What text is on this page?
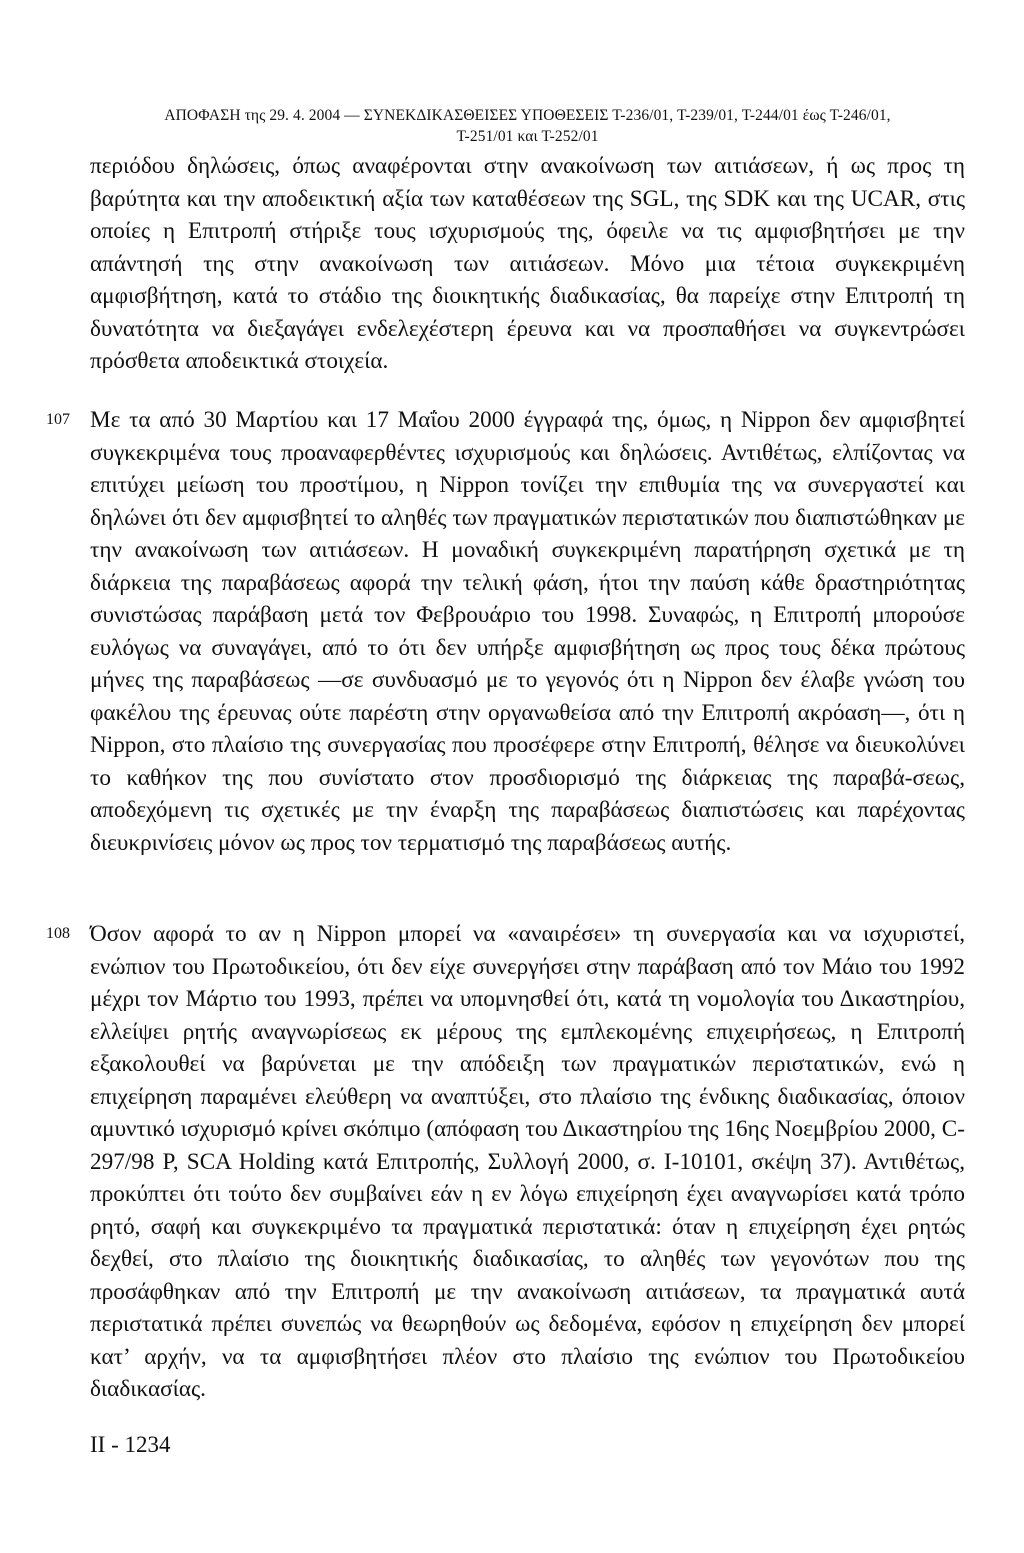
ΑΠΟΦΑΣΗ της 29. 4. 2004 — ΣΥΝΕΚΔΙΚΑΣΘΕΙΣΕΣ ΥΠΟΘΕΣΕΙΣ Τ-236/01, Τ-239/01, Τ-244/01 έως Τ-246/01,
Τ-251/01 και Τ-252/01
περιόδου δηλώσεις, όπως αναφέρονται στην ανακοίνωση των αιτιάσεων, ή ως προς τη βαρύτητα και την αποδεικτική αξία των καταθέσεων της SGL, της SDK και της UCAR, στις οποίες η Επιτροπή στήριξε τους ισχυρισμούς της, όφειλε να τις αμφισβητήσει με την απάντησή της στην ανακοίνωση των αιτιάσεων. Μόνο μια τέτοια συγκεκριμένη αμφισβήτηση, κατά το στάδιο της διοικητικής διαδικασίας, θα παρείχε στην Επιτροπή τη δυνατότητα να διεξαγάγει ενδελεχέστερη έρευνα και να προσπαθήσει να συγκεντρώσει πρόσθετα αποδεικτικά στοιχεία.
107 Με τα από 30 Μαρτίου και 17 Μαΐου 2000 έγγραφά της, όμως, η Nippon δεν αμφισβητεί συγκεκριμένα τους προαναφερθέντες ισχυρισμούς και δηλώσεις. Αντιθέτως, ελπίζοντας να επιτύχει μείωση του προστίμου, η Nippon τονίζει την επιθυμία της να συνεργαστεί και δηλώνει ότι δεν αμφισβητεί το αληθές των πραγματικών περιστατικών που διαπιστώθηκαν με την ανακοίνωση των αιτιάσεων. Η μοναδική συγκεκριμένη παρατήρηση σχετικά με τη διάρκεια της παραβάσεως αφορά την τελική φάση, ήτοι την παύση κάθε δραστηριότητας συνιστώσας παράβαση μετά τον Φεβρουάριο του 1998. Συναφώς, η Επιτροπή μπορούσε ευλόγως να συναγάγει, από το ότι δεν υπήρξε αμφισβήτηση ως προς τους δέκα πρώτους μήνες της παραβάσεως —σε συνδυασμό με το γεγονός ότι η Nippon δεν έλαβε γνώση του φακέλου της έρευνας ούτε παρέστη στην οργανωθείσα από την Επιτροπή ακρόαση—, ότι η Nippon, στο πλαίσιο της συνεργασίας που προσέφερε στην Επιτροπή, θέλησε να διευκολύνει το καθήκον της που συνίστατο στον προσδιορισμό της διάρκειας της παραβά-σεως, αποδεχόμενη τις σχετικές με την έναρξη της παραβάσεως διαπιστώσεις και παρέχοντας διευκρινίσεις μόνον ως προς τον τερματισμό της παραβάσεως αυτής.
108 Όσον αφορά το αν η Nippon μπορεί να «αναιρέσει» τη συνεργασία και να ισχυριστεί, ενώπιον του Πρωτοδικείου, ότι δεν είχε συνεργήσει στην παράβαση από τον Μάιο του 1992 μέχρι τον Μάρτιο του 1993, πρέπει να υπομνησθεί ότι, κατά τη νομολογία του Δικαστηρίου, ελλείψει ρητής αναγνωρίσεως εκ μέρους της εμπλεκομένης επιχειρήσεως, η Επιτροπή εξακολουθεί να βαρύνεται με την απόδειξη των πραγματικών περιστατικών, ενώ η επιχείρηση παραμένει ελεύθερη να αναπτύξει, στο πλαίσιο της ένδικης διαδικασίας, όποιον αμυντικό ισχυρισμό κρίνει σκόπιμο (απόφαση του Δικαστηρίου της 16ης Νοεμβρίου 2000, C-297/98 P, SCA Holding κατά Επιτροπής, Συλλογή 2000, σ. I-10101, σκέψη 37). Αντιθέτως, προκύπτει ότι τούτο δεν συμβαίνει εάν η εν λόγω επιχείρηση έχει αναγνωρίσει κατά τρόπο ρητό, σαφή και συγκεκριμένο τα πραγματικά περιστατικά: όταν η επιχείρηση έχει ρητώς δεχθεί, στο πλαίσιο της διοικητικής διαδικασίας, το αληθές των γεγονότων που της προσάφθηκαν από την Επιτροπή με την ανακοίνωση αιτιάσεων, τα πραγματικά αυτά περιστατικά πρέπει συνεπώς να θεωρηθούν ως δεδομένα, εφόσον η επιχείρηση δεν μπορεί κατ’ αρχήν, να τα αμφισβητήσει πλέον στο πλαίσιο της ενώπιον του Πρωτοδικείου διαδικασίας.
II - 1234
